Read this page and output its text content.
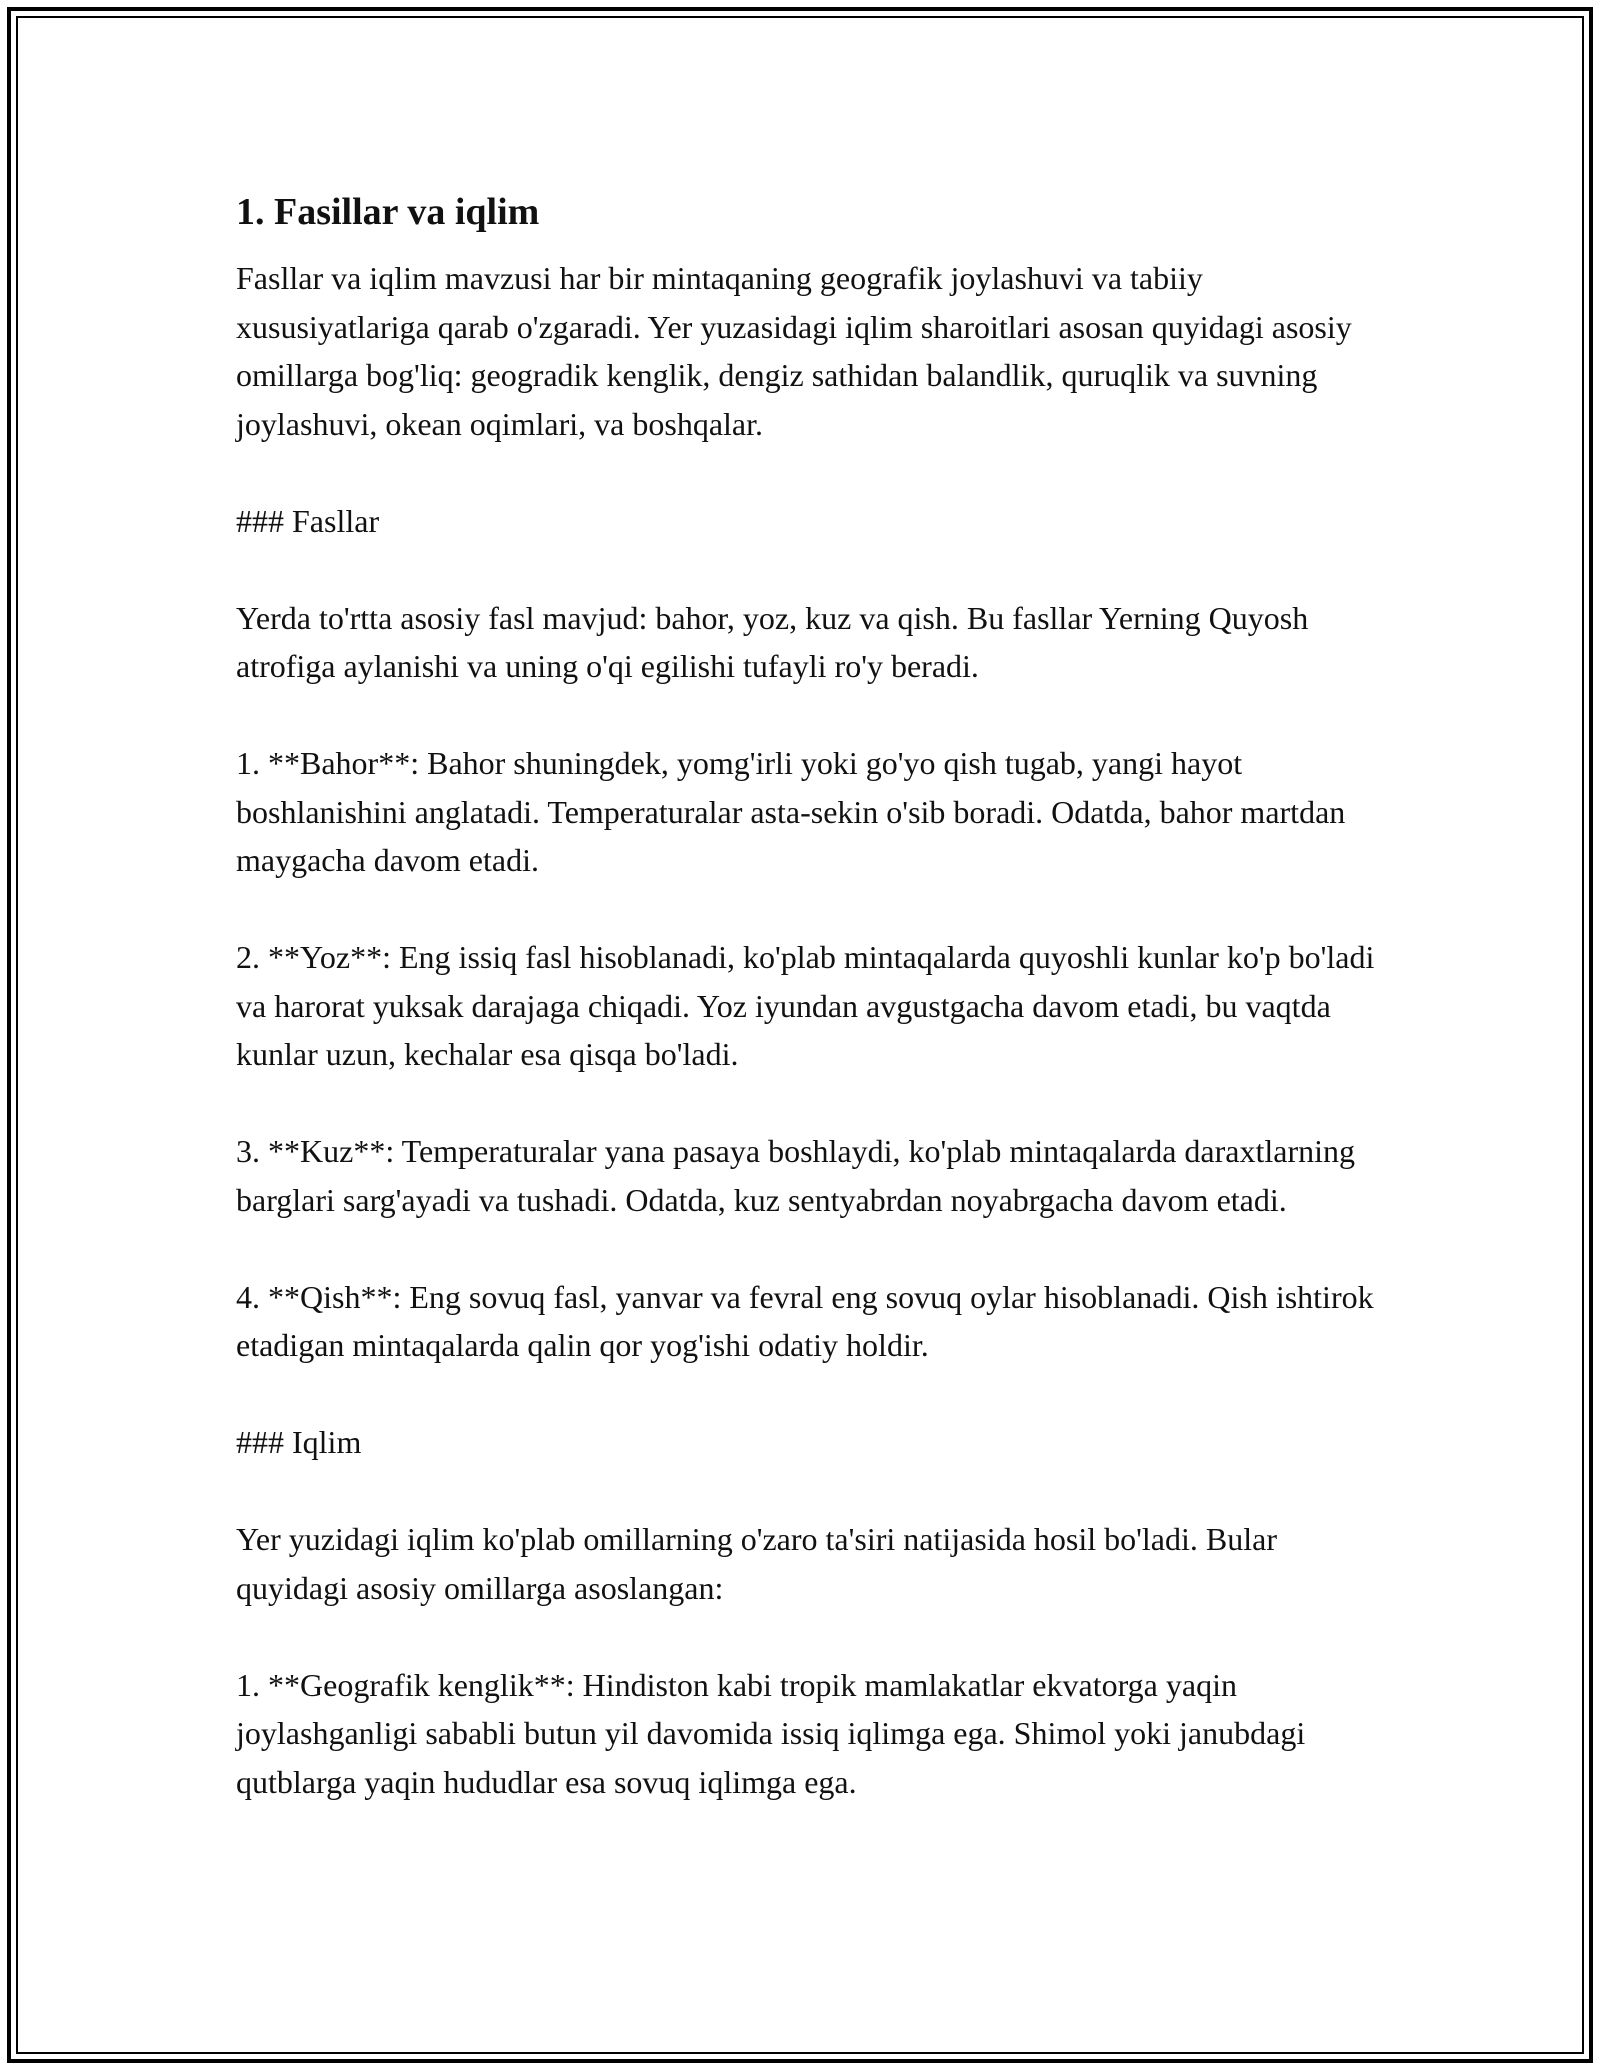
1. Fasillar va iqlim

Fasllar va iqlim mavzusi har bir mintaqaning geografik joylashuvi va tabiiy xususiyatlariga qarab o'zgaradi. Yer yuzasidagi iqlim sharoitlari asosan quyidagi asosiy omillarga bog'liq: geogradik kenglik, dengiz sathidan balandlik, quruqlik va suvning joylashuvi, okean oqimlari, va boshqalar.

### Fasllar

Yerda to'rtta asosiy fasl mavjud: bahor, yoz, kuz va qish. Bu fasllar Yerning Quyosh atrofiga aylanishi va uning o'qi egilishi tufayli ro'y beradi.

1. **Bahor**: Bahor shuningdek, yomg'irli yoki go'yo qish tugab, yangi hayot boshlanishini anglatadi. Temperaturalar asta-sekin o'sib boradi. Odatda, bahor martdan maygacha davom etadi.

2. **Yoz**: Eng issiq fasl hisoblanadi, ko'plab mintaqalarda quyoshli kunlar ko'p bo'ladi va harorat yuksak darajaga chiqadi. Yoz iyundan avgustgacha davom etadi, bu vaqtda kunlar uzun, kechalar esa qisqa bo'ladi.

3. **Kuz**: Temperaturalar yana pasaya boshlaydi, ko'plab mintaqalarda daraxtlarning barglari sarg'ayadi va tushadi. Odatda, kuz sentyabrdan noyabrgacha davom etadi.

4. **Qish**: Eng sovuq fasl, yanvar va fevral eng sovuq oylar hisoblanadi. Qish ishtirok etadigan mintaqalarda qalin qor yog'ishi odatiy holdir.

### Iqlim

Yer yuzidagi iqlim ko'plab omillarning o'zaro ta'siri natijasida hosil bo'ladi. Bular quyidagi asosiy omillarga asoslangan:

1. **Geografik kenglik**: Hindiston kabi tropik mamlakatlar ekvatorga yaqin joylashganligi sababli butun yil davomida issiq iqlimga ega. Shimol yoki janubdagi qutblarga yaqin hududlar esa sovuq iqlimga ega.
